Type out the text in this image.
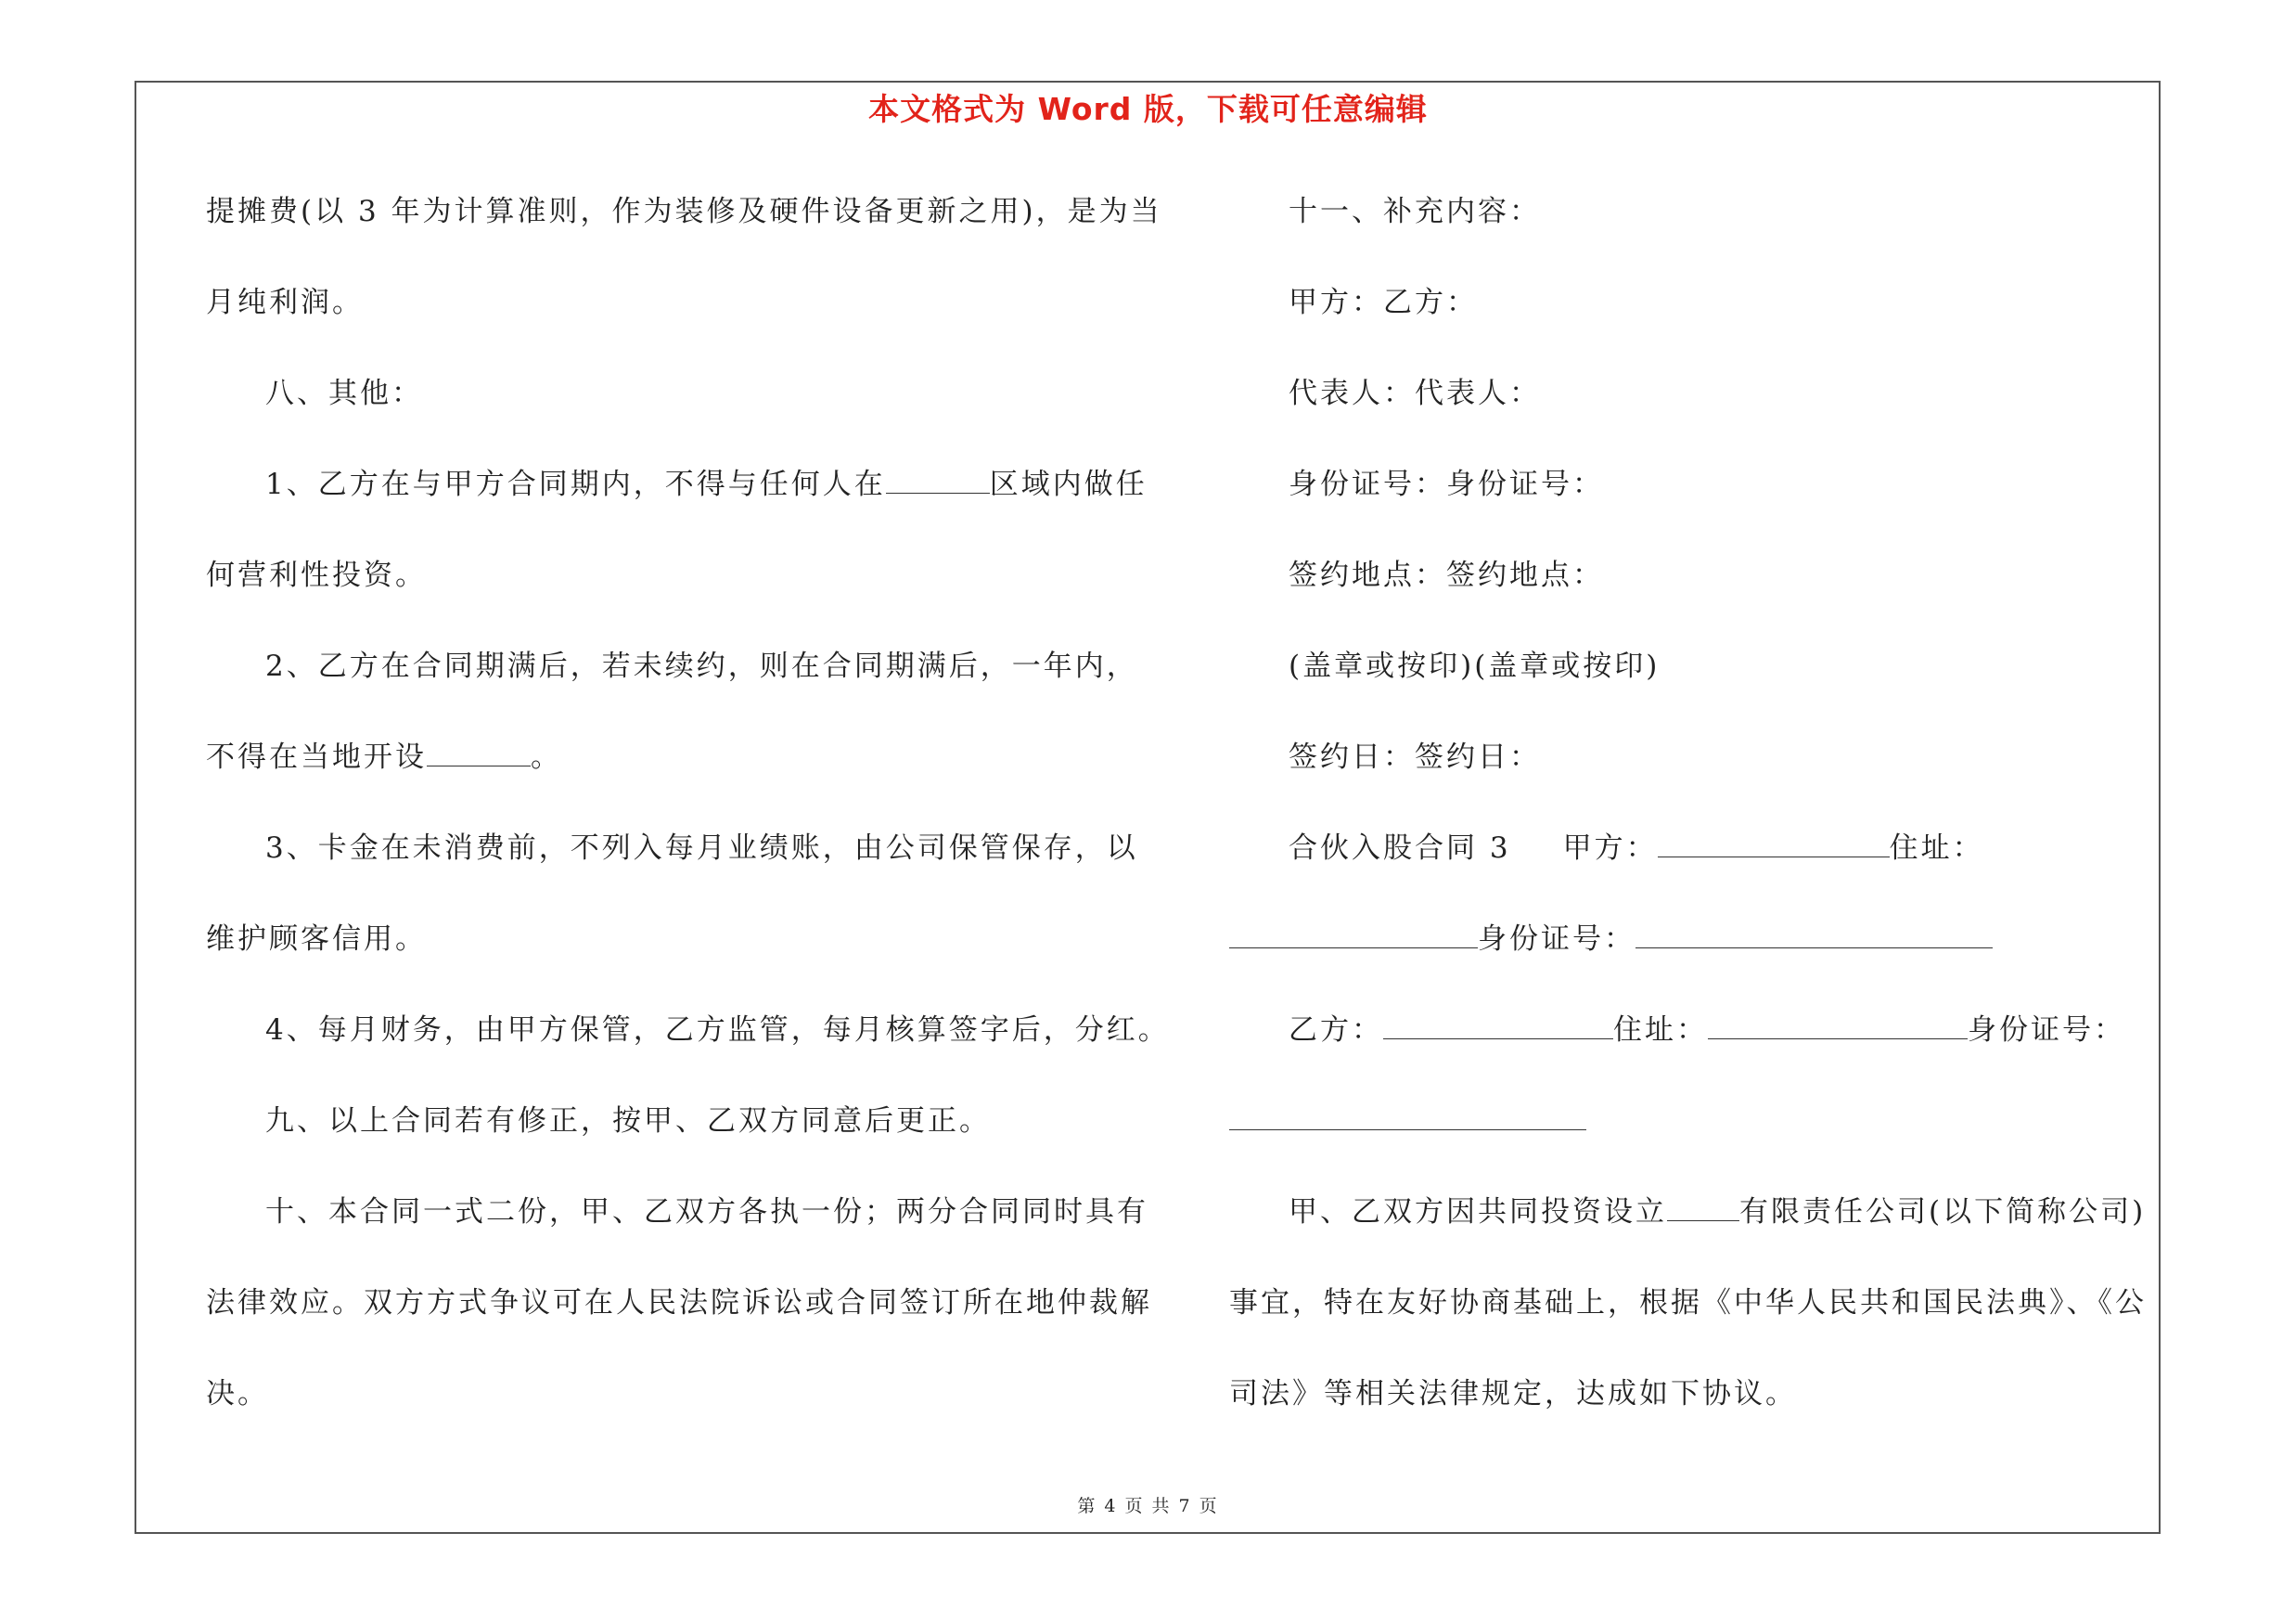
本文格式为 Word 版，下载可任意编辑
提摊费(以 3 年为计算准则，作为装修及硬件设备更新之用)，是为当
月纯利润。
八、其他：
1、乙方在与甲方合同期内，不得与任何人在	区域内做任
何营利性投资。
2、乙方在合同期满后，若未续约，则在合同期满后，一年内，
不得在当地开设	。
3、卡金在未消费前，不列入每月业绩账，由公司保管保存，以
维护顾客信用。
4、每月财务，由甲方保管，乙方监管，每月核算签字后，分红。
九、以上合同若有修正，按甲、乙双方同意后更正。
十、本合同一式二份，甲、乙双方各执一份；两分合同同时具有
法律效应。双方方式争议可在人民法院诉讼或合同签订所在地仲裁解
决。
十一、补充内容：
甲方：乙方：
代表人：代表人：
身份证号：身份证号：
签约地点：签约地点：
(盖章或按印)(盖章或按印)
签约日：签约日：
合伙入股合同 3 甲方：	住址：
身份证号：
乙方：	住址：	身份证号：
甲、乙双方因共同投资设立	有限责任公司(以下简称公司)
事宜，特在友好协商基础上，根据《中华人民共和国民法典》、《公
司法》等相关法律规定，达成如下协议。
第 4 页 共 7 页
